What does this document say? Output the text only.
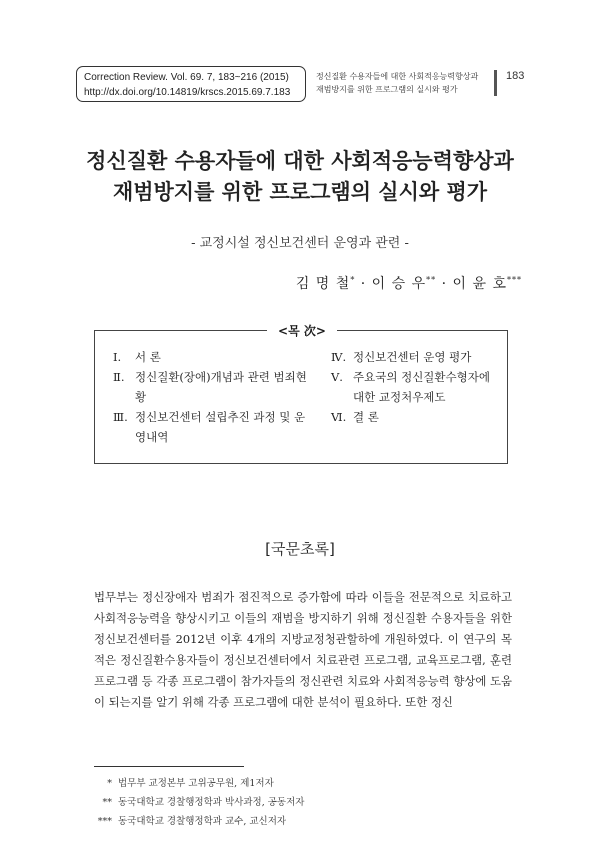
Correction Review. Vol. 69. 7, 183~216 (2015)
http://dx.doi.org/10.14819/krscs.2015.69.7.183
정신질환 수용자들에 대한 사회적응능력향상과
재범방지를 위한 프로그램의 실시와 평가
183
정신질환 수용자들에 대한 사회적응능력향상과
재범방지를 위한 프로그램의 실시와 평가
- 교정시설 정신보건센터 운영과 관련 -
김 명 철* · 이 승 우** · 이 윤 호***
<목 次>
Ⅰ.	서 론
Ⅱ. 정신질환(장애)개념과 관련 범죄현황
Ⅲ. 정신보건센터 설립추진 과정 및 운영내역
Ⅳ. 정신보건센터 운영 평가
Ⅴ. 주요국의 정신질환수형자에 대한 교정처우제도
Ⅵ. 결 론
[국문초록]
법무부는 정신장애자 범죄가 점진적으로 증가함에 따라 이들을 전문적으로 치료하고 사회적응능력을 향상시키고 이들의 재범을 방지하기 위해 정신질환 수용자들을 위한 정신보건센터를 2012년 이후 4개의 지방교정청관할하에 개원하였다. 이 연구의 목적은 정신질환수용자들이 정신보건센터에서 치료관련 프로그램, 교육프로그램, 훈련프로그램 등 각종 프로그램이 참가자들의 정신관련 치료와 사회적응능력 향상에 도움이 되는지를 알기 위해 각종 프로그램에 대한 분석이 필요하다. 또한 정신
* 법무부 교정본부 고위공무원, 제1저자
** 동국대학교 경찰행정학과 박사과정, 공동저자
*** 동국대학교 경찰행정학과 교수, 교신저자
